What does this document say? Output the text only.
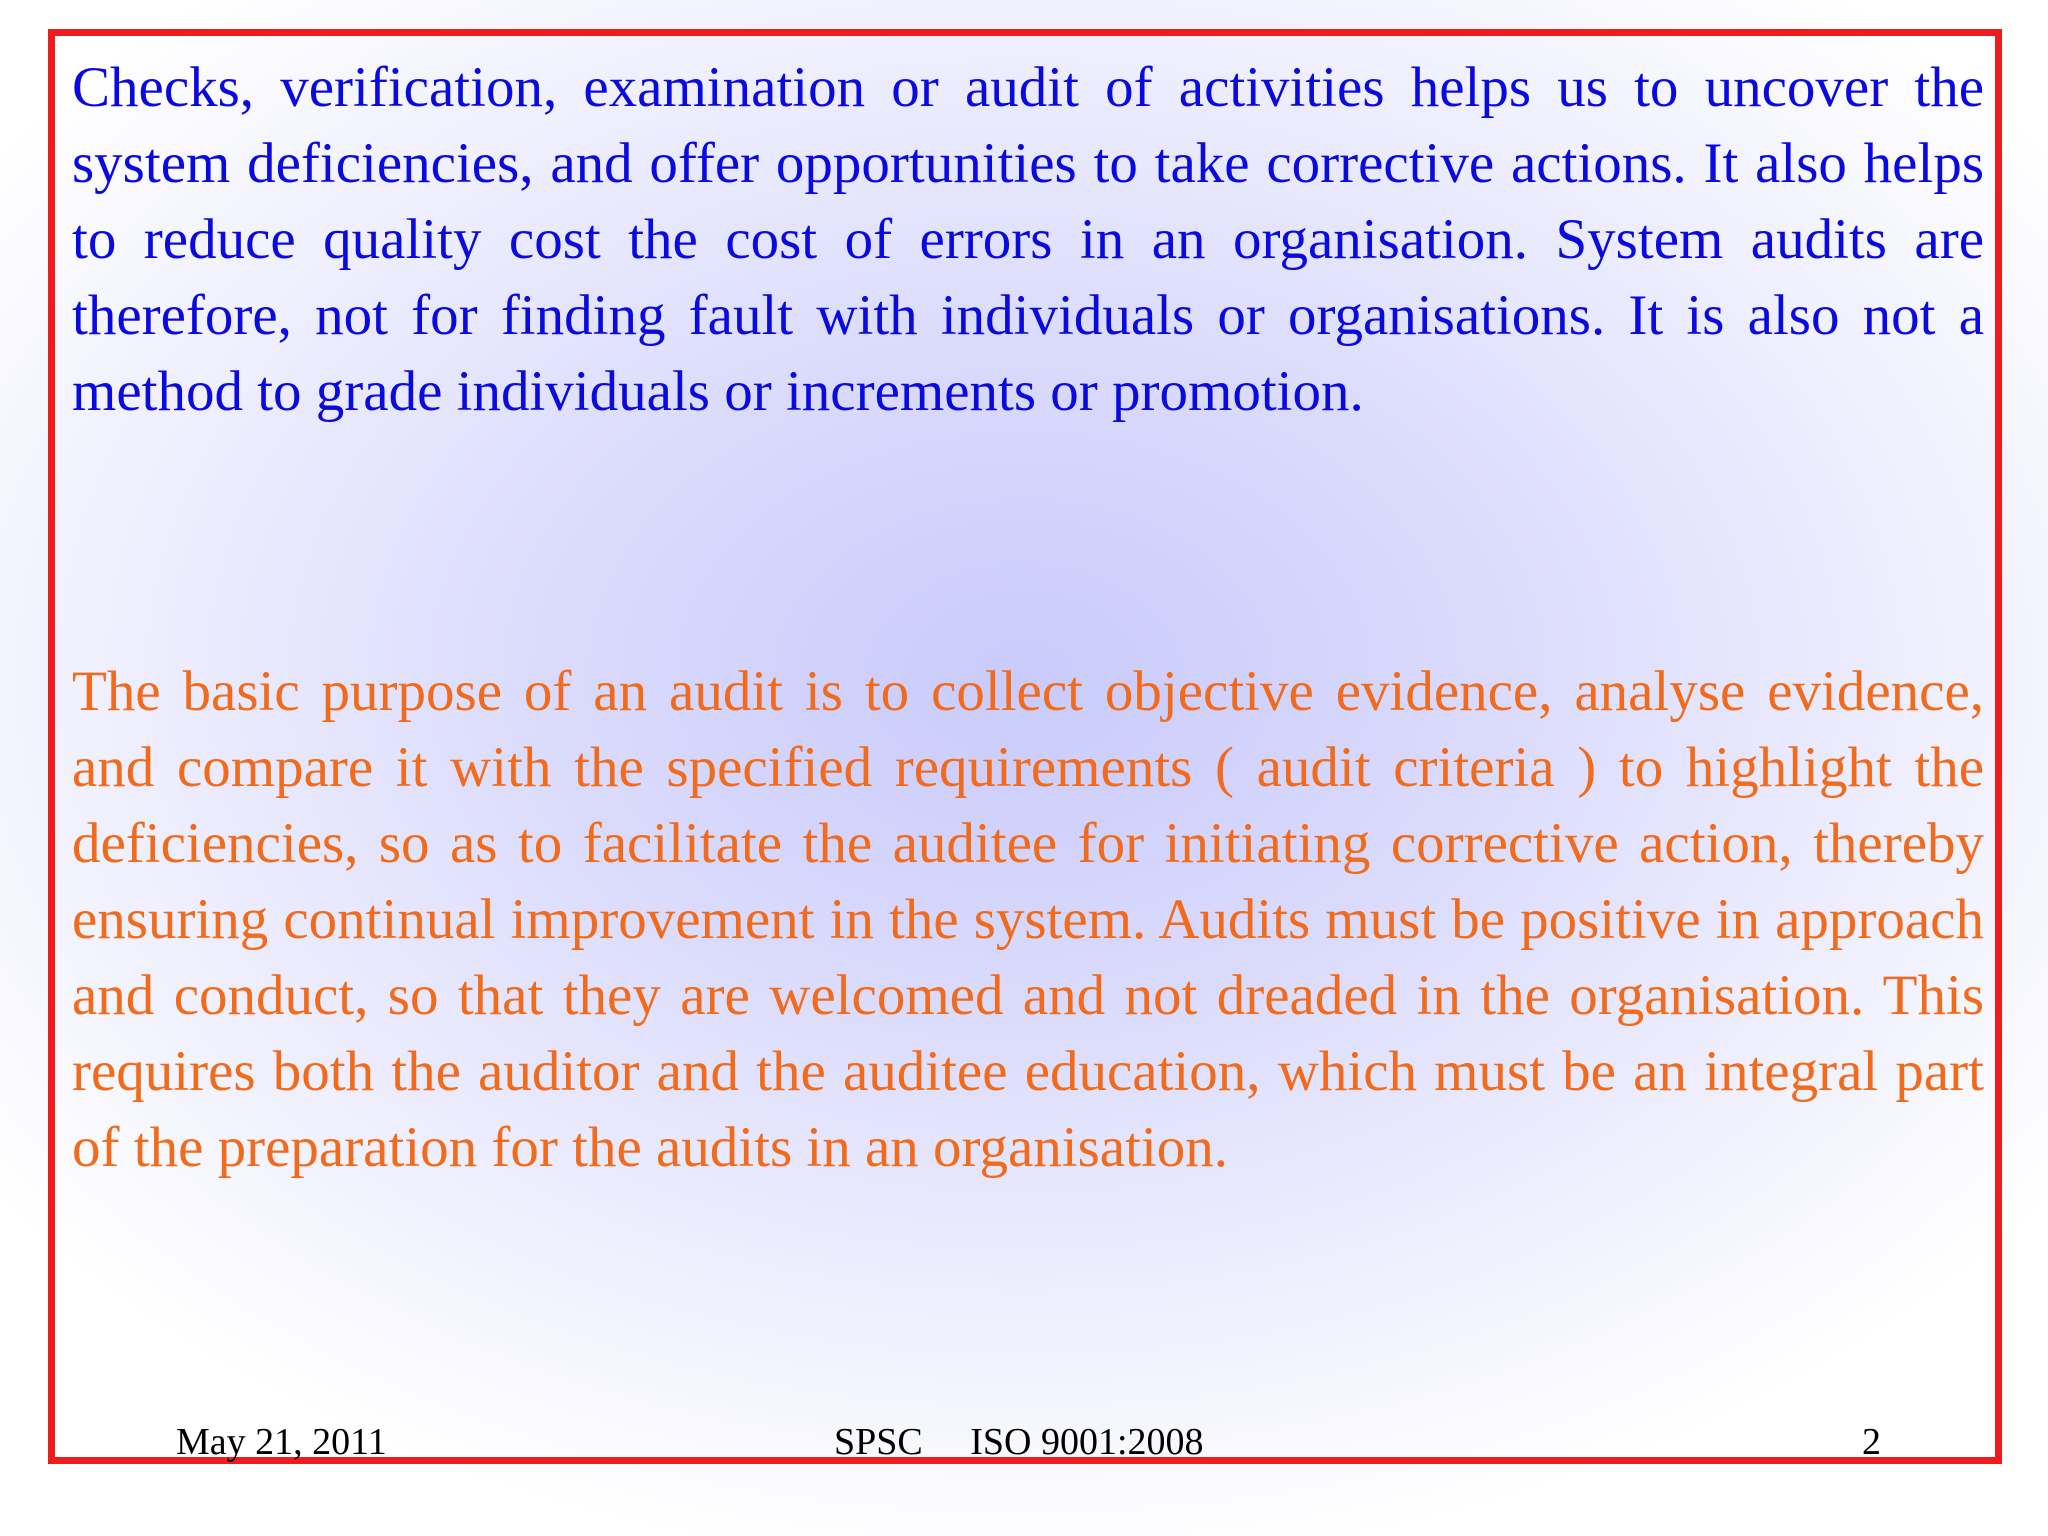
Checks, verification, examination or audit of activities helps us to uncover the system deficiencies, and offer opportunities to take corrective actions. It also helps to reduce quality cost the cost of errors in an organisation. System audits are therefore, not for finding fault with individuals or organisations. It is also not a method to grade individuals or increments or promotion.

The basic purpose of an audit is to collect objective evidence, analyse evidence, and compare it with the specified requirements ( audit criteria ) to highlight the deficiencies, so as to facilitate the auditee for initiating corrective action, thereby ensuring continual improvement in the system. Audits must be positive in approach and conduct, so that they are welcomed and not dreaded in the organisation. This requires both the auditor and the auditee education, which must be an integral part of the preparation for the audits in an organisation.

May 21, 2011	SPSC     ISO 9001:2008	2
